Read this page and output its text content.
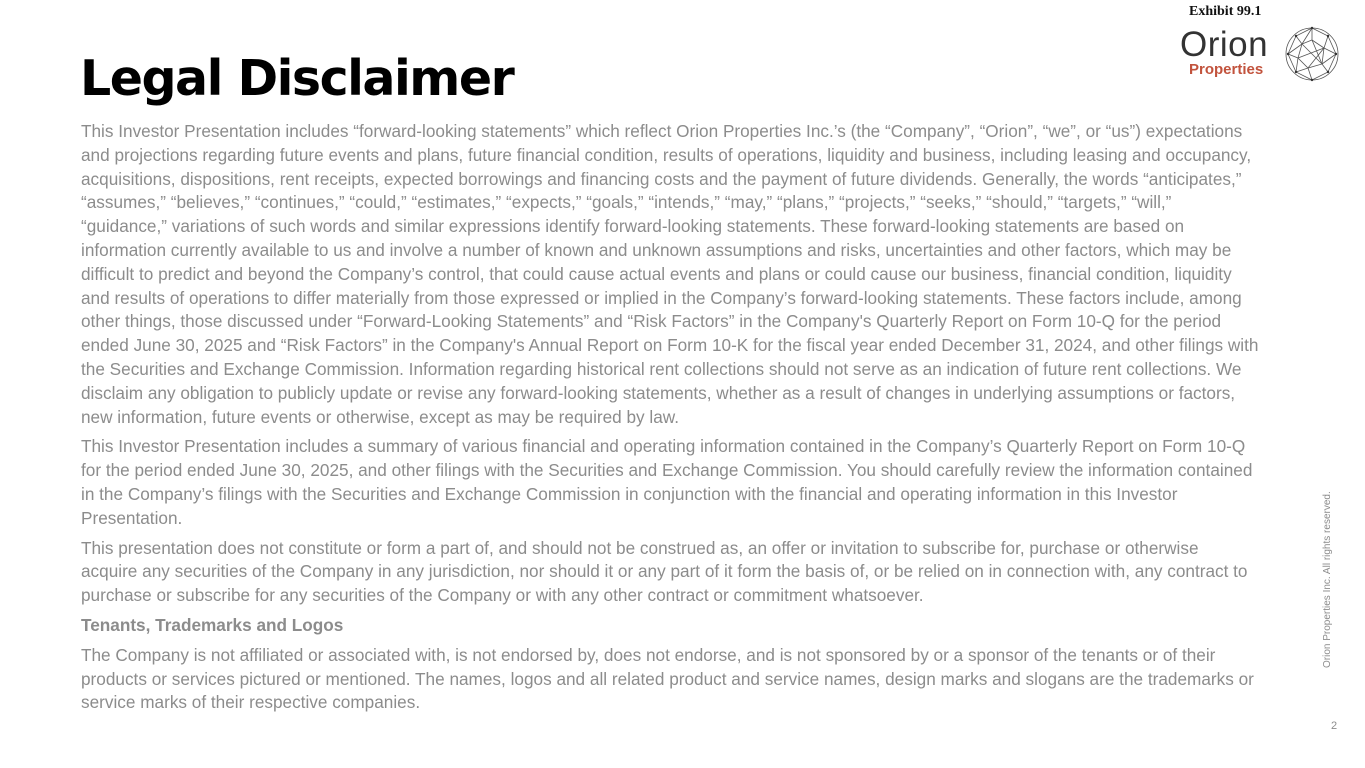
Exhibit 99.1
Legal Disclaimer
Orion
Properties

This Investor Presentation includes “forward-looking statements” which reflect Orion Properties Inc.’s (the “Company”, “Orion”, “we”, or “us”) expectations and projections regarding future events and plans, future financial condition, results of operations, liquidity and business, including leasing and occupancy, acquisitions, dispositions, rent receipts, expected borrowings and financing costs and the payment of future dividends. Generally, the words “anticipates,” “assumes,” “believes,” “continues,” “could,” “estimates,” “expects,” “goals,” “intends,” “may,” “plans,” “projects,” “seeks,” “should,” “targets,” “will,” “guidance,” variations of such words and similar expressions identify forward-looking statements. These forward-looking statements are based on information currently available to us and involve a number of known and unknown assumptions and risks, uncertainties and other factors, which may be difficult to predict and beyond the Company’s control, that could cause actual events and plans or could cause our business, financial condition, liquidity and results of operations to differ materially from those expressed or implied in the Company’s forward-looking statements. These factors include, among other things, those discussed under “Forward-Looking Statements” and “Risk Factors” in the Company's Quarterly Report on Form 10-Q for the period ended June 30, 2025 and “Risk Factors” in the Company's Annual Report on Form 10-K for the fiscal year ended December 31, 2024, and other filings with the Securities and Exchange Commission. Information regarding historical rent collections should not serve as an indication of future rent collections. We disclaim any obligation to publicly update or revise any forward-looking statements, whether as a result of changes in underlying assumptions or factors, new information, future events or otherwise, except as may be required by law.

This Investor Presentation includes a summary of various financial and operating information contained in the Company’s Quarterly Report on Form 10-Q for the period ended June 30, 2025, and other filings with the Securities and Exchange Commission. You should carefully review the information contained in the Company’s filings with the Securities and Exchange Commission in conjunction with the financial and operating information in this Investor Presentation.

This presentation does not constitute or form a part of, and should not be construed as, an offer or invitation to subscribe for, purchase or otherwise acquire any securities of the Company in any jurisdiction, nor should it or any part of it form the basis of, or be relied on in connection with, any contract to purchase or subscribe for any securities of the Company or with any other contract or commitment whatsoever.

Tenants, Trademarks and Logos

The Company is not affiliated or associated with, is not endorsed by, does not endorse, and is not sponsored by or a sponsor of the tenants or of their products or services pictured or mentioned. The names, logos and all related product and service names, design marks and slogans are the trademarks or service marks of their respective companies.

Orion Properties Inc. All rights reserved.
2
